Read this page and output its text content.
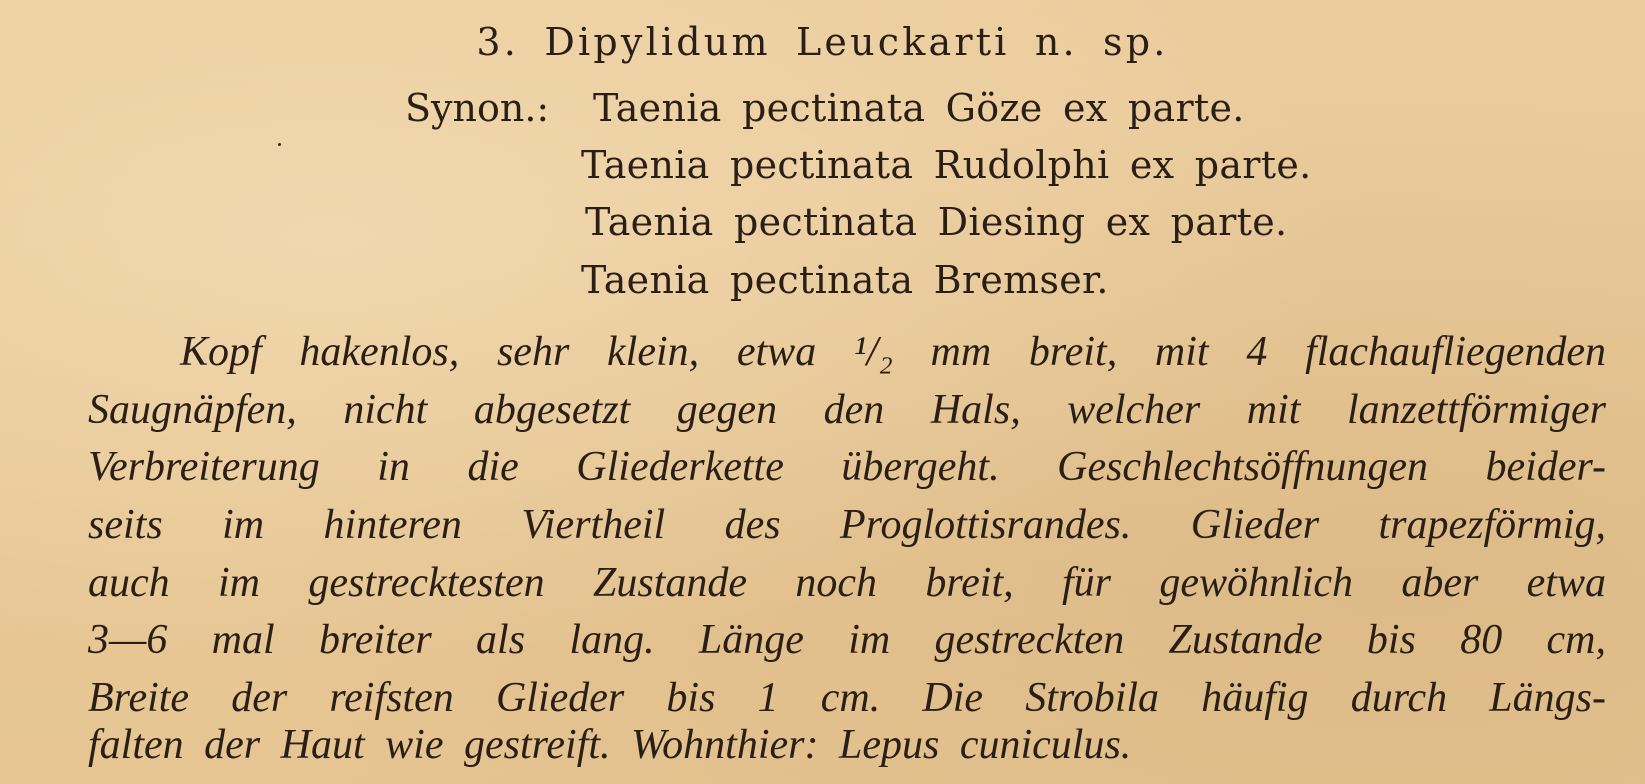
3. Dipylidum Leuckarti n. sp.
Synon.: Taenia pectinata Göze ex parte.
Taenia pectinata Rudolphi ex parte.
Taenia pectinata Diesing ex parte.
Taenia pectinata Bremser.
Kopf hakenlos, sehr klein, etwa ¹/₂ mm breit, mit 4 flachaufliegenden
Saugnäpfen, nicht abgesetzt gegen den Hals, welcher mit lanzettförmiger
Verbreiterung in die Gliederkette übergeht. Geschlechtsöffnungen beider-
seits im hinteren Viertheil des Proglottisrandes. Glieder trapezförmig,
auch im gestrecktesten Zustande noch breit, für gewöhnlich aber etwa
3—6 mal breiter als lang. Länge im gestreckten Zustande bis 80 cm,
Breite der reifsten Glieder bis 1 cm. Die Strobila häufig durch Längs-
falten der Haut wie gestreift. Wohnthier: Lepus cuniculus.
